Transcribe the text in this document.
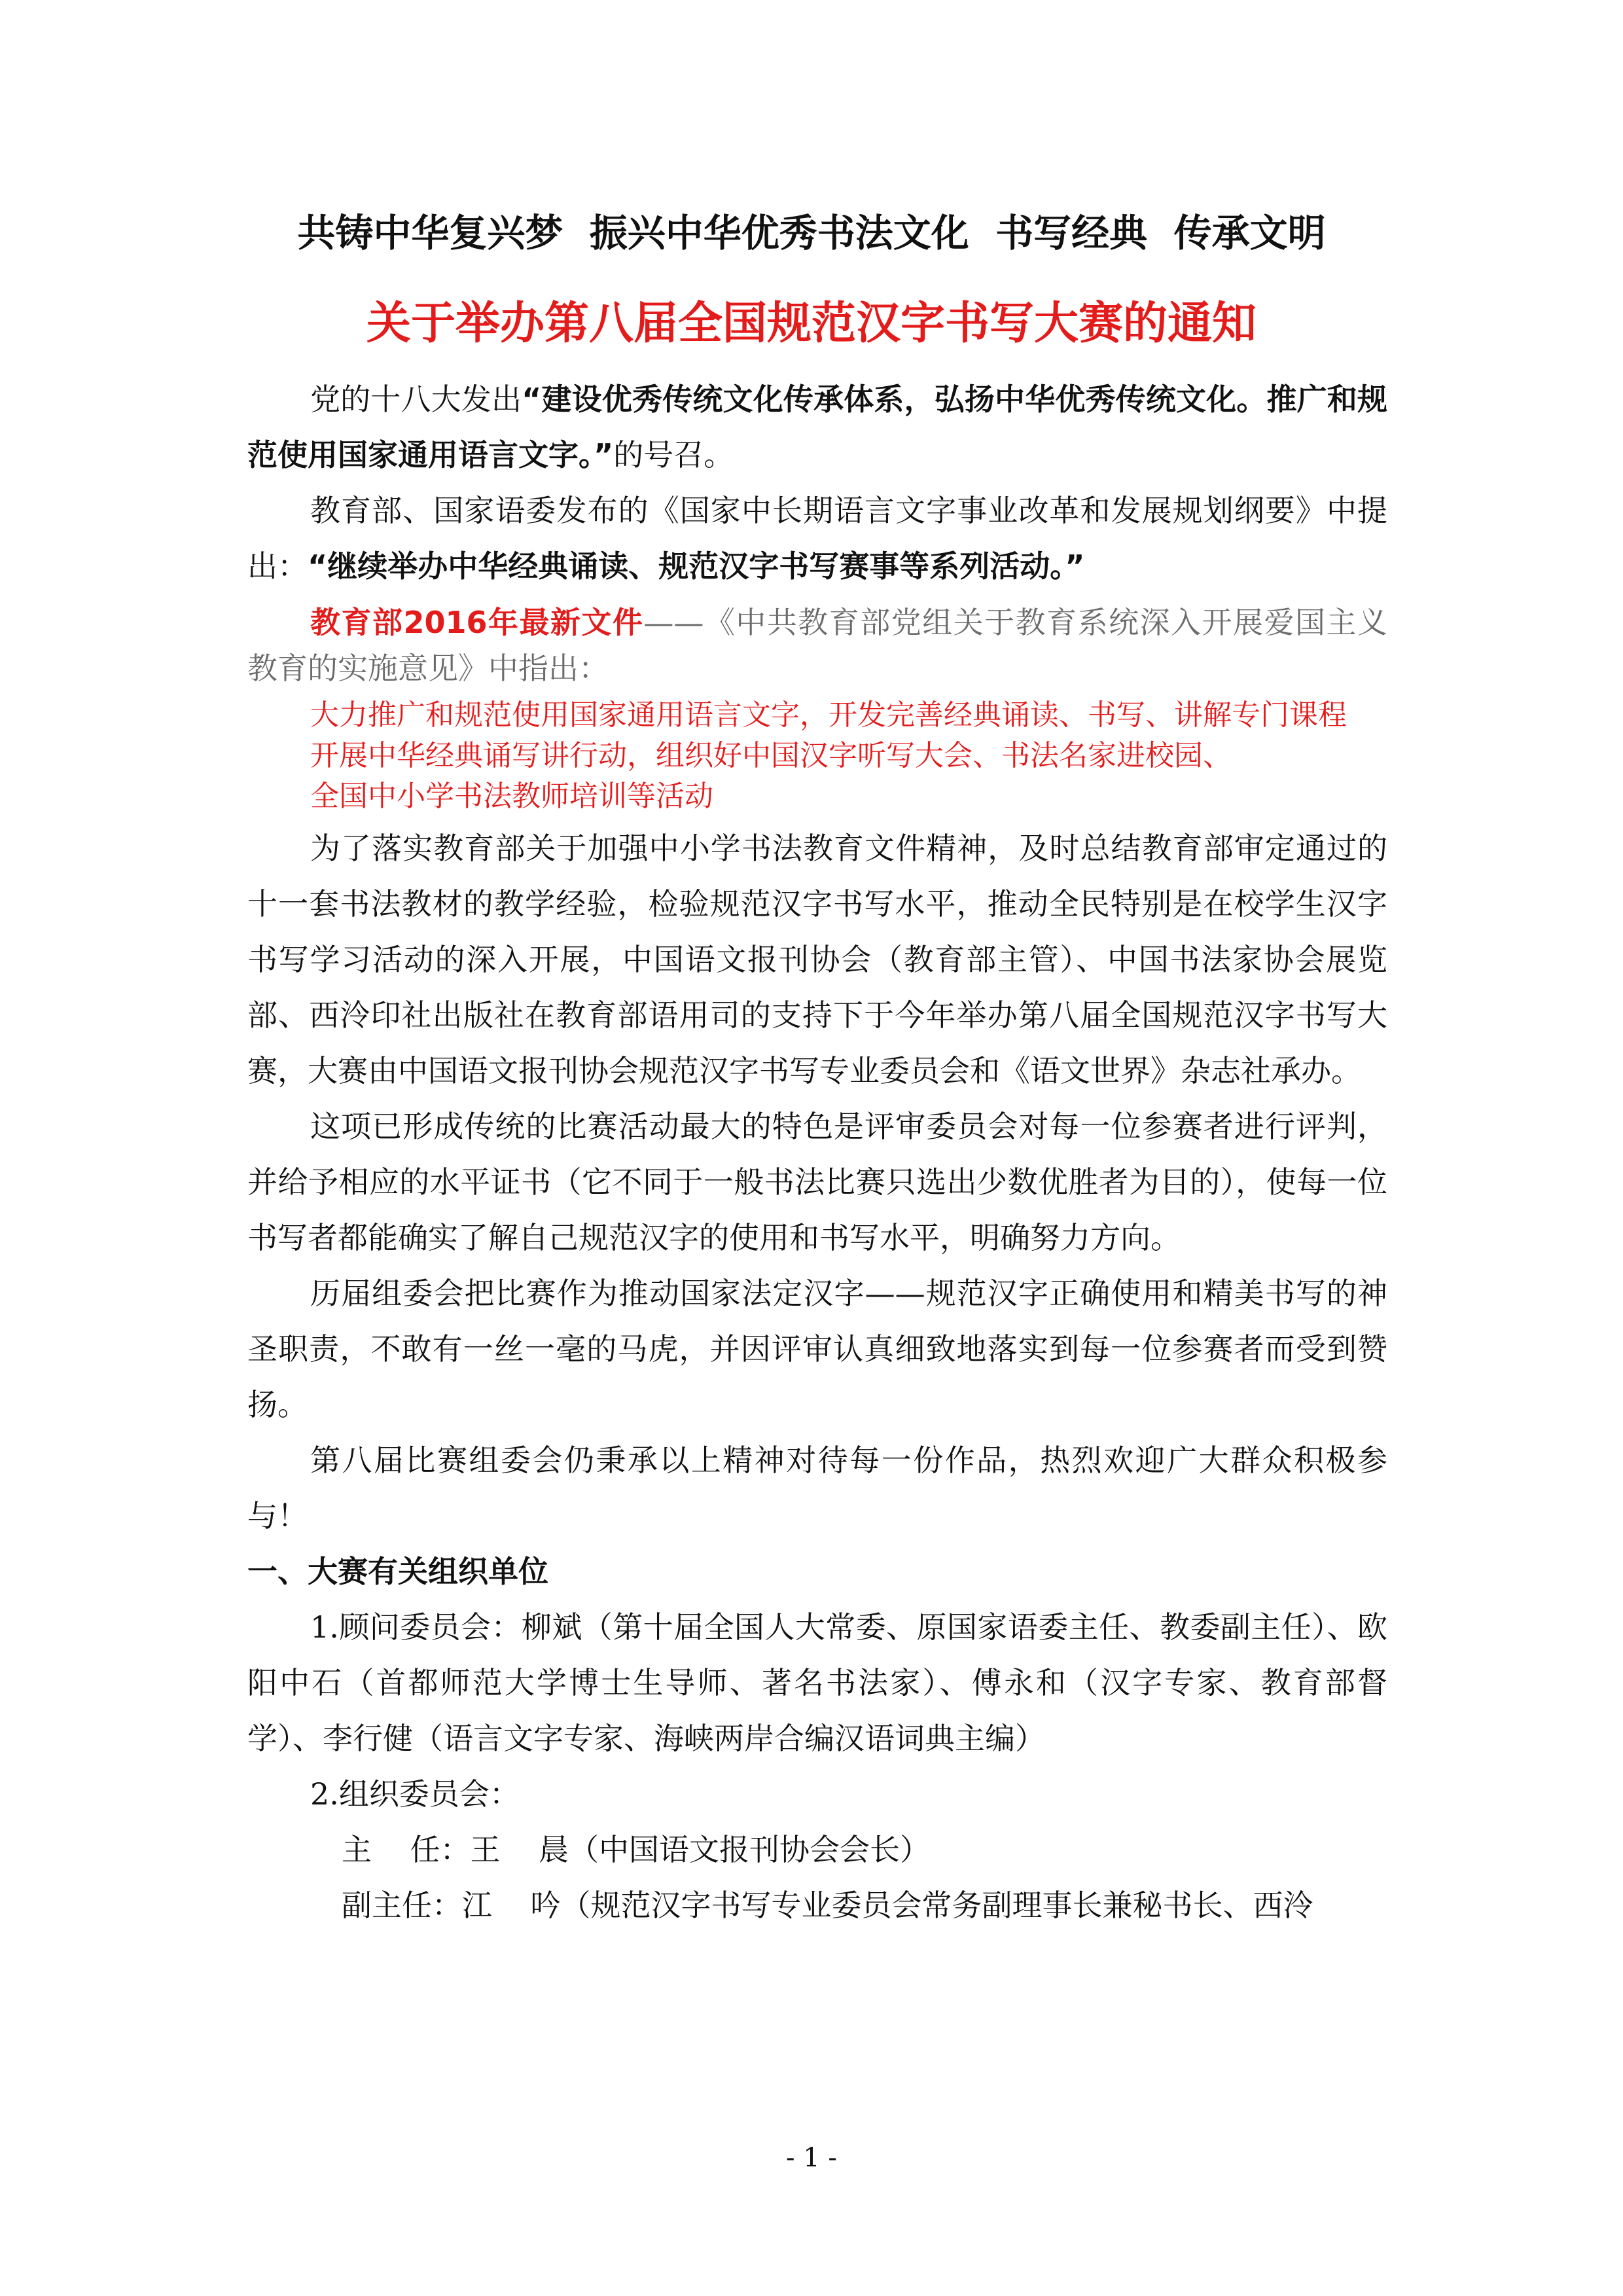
共铸中华复兴梦  振兴中华优秀书法文化  书写经典  传承文明
关于举办第八届全国规范汉字书写大赛的通知

党的十八大发出“建设优秀传统文化传承体系，弘扬中华优秀传统文化。推广和规范使用国家通用语言文字。”的号召。

教育部、国家语委发布的《国家中长期语言文字事业改革和发展规划纲要》中提出：“继续举办中华经典诵读、规范汉字书写赛事等系列活动。”

教育部2016年最新文件——《中共教育部党组关于教育系统深入开展爱国主义教育的实施意见》中指出：

大力推广和规范使用国家通用语言文字，开发完善经典诵读、书写、讲解专门课程

开展中华经典诵写讲行动，组织好中国汉字听写大会、书法名家进校园、

全国中小学书法教师培训等活动

为了落实教育部关于加强中小学书法教育文件精神，及时总结教育部审定通过的十一套书法教材的教学经验，检验规范汉字书写水平，推动全民特别是在校学生汉字书写学习活动的深入开展，中国语文报刊协会（教育部主管）、中国书法家协会展览部、西泠印社出版社在教育部语用司的支持下于今年举办第八届全国规范汉字书写大赛，大赛由中国语文报刊协会规范汉字书写专业委员会和《语文世界》杂志社承办。

这项已形成传统的比赛活动最大的特色是评审委员会对每一位参赛者进行评判，并给予相应的水平证书（它不同于一般书法比赛只选出少数优胜者为目的），使每一位书写者都能确实了解自己规范汉字的使用和书写水平，明确努力方向。

历届组委会把比赛作为推动国家法定汉字——规范汉字正确使用和精美书写的神圣职责，不敢有一丝一毫的马虎，并因评审认真细致地落实到每一位参赛者而受到赞扬。

第八届比赛组委会仍秉承以上精神对待每一份作品，热烈欢迎广大群众积极参与！

一、大赛有关组织单位

1.顾问委员会：柳斌（第十届全国人大常委、原国家语委主任、教委副主任）、欧阳中石（首都师范大学博士生导师、著名书法家）、傅永和（汉字专家、教育部督学）、李行健（语言文字专家、海峡两岸合编汉语词典主编）

2.组织委员会：

主    任：王    晨（中国语文报刊协会会长）

副主任：江    吟（规范汉字书写专业委员会常务副理事长兼秘书长、西泠

- 1 -
